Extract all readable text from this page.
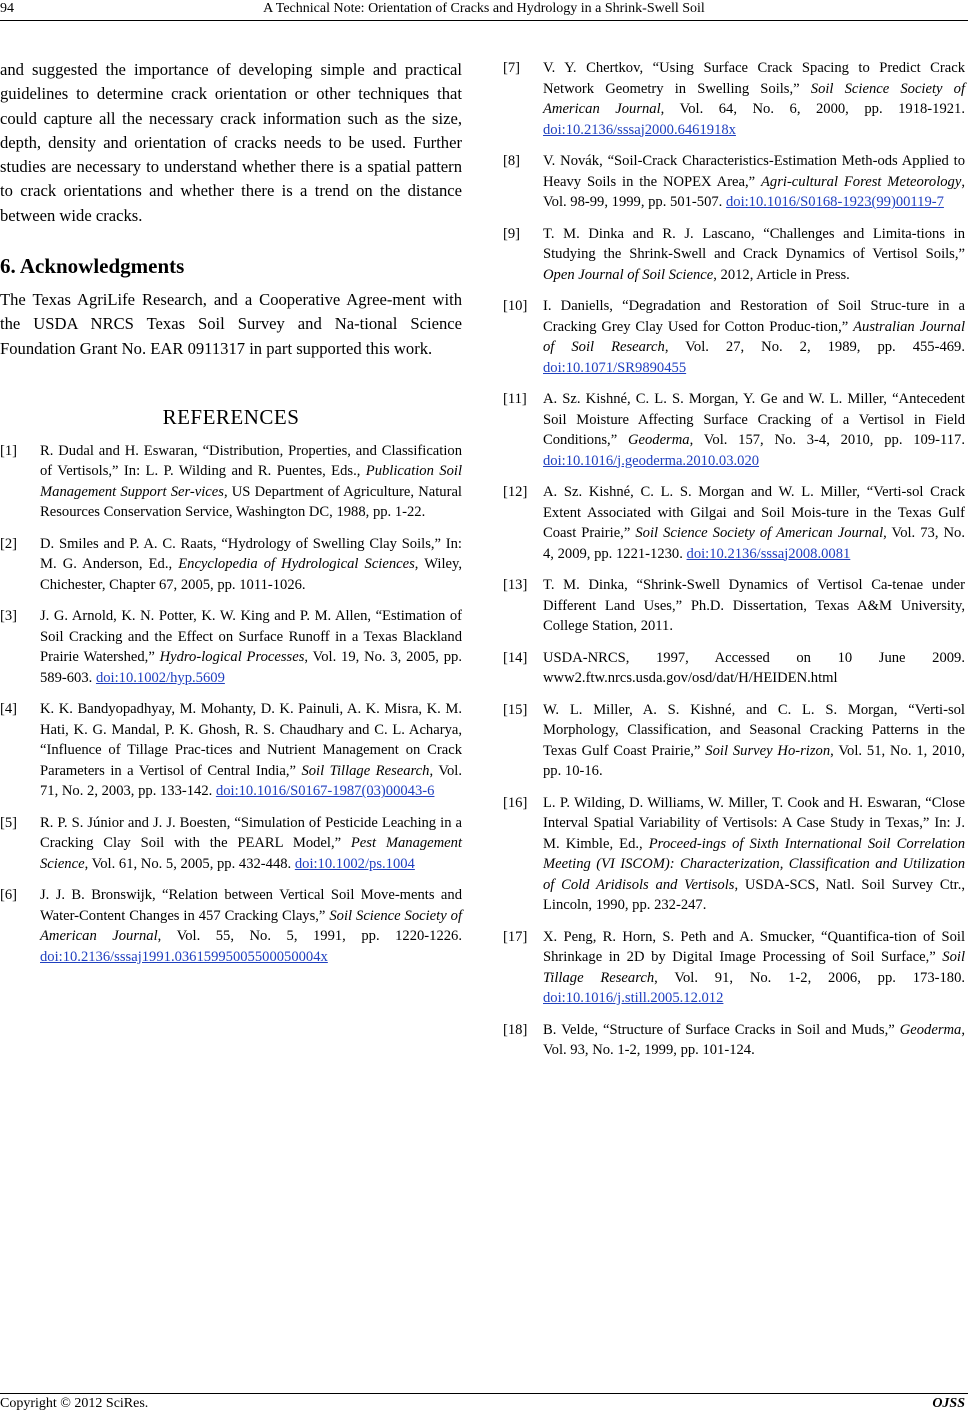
94	A Technical Note: Orientation of Cracks and Hydrology in a Shrink-Swell Soil

and suggested the importance of developing simple and practical guidelines to determine crack orientation or other techniques that could capture all the necessary crack information such as the size, depth, density and orientation of cracks needs to be used. Further studies are necessary to understand whether there is a spatial pattern to crack orientations and whether there is a trend on the distance between wide cracks.

6. Acknowledgments

The Texas AgriLife Research, and a Cooperative Agree-ment with the USDA NRCS Texas Soil Survey and Na-tional Science Foundation Grant No. EAR 0911317 in part supported this work.

REFERENCES
[1] R. Dudal and H. Eswaran, “Distribution, Properties, and Classification of Vertisols,” In: L. P. Wilding and R. Puentes, Eds., Publication Soil Management Support Ser-vices, US Department of Agriculture, Natural Resources Conservation Service, Washington DC, 1988, pp. 1-22.
[2] D. Smiles and P. A. C. Raats, “Hydrology of Swelling Clay Soils,” In: M. G. Anderson, Ed., Encyclopedia of Hydrological Sciences, Wiley, Chichester, Chapter 67, 2005, pp. 1011-1026.
[3] J. G. Arnold, K. N. Potter, K. W. King and P. M. Allen, “Estimation of Soil Cracking and the Effect on Surface Runoff in a Texas Blackland Prairie Watershed,” Hydro-logical Processes, Vol. 19, No. 3, 2005, pp. 589-603. doi:10.1002/hyp.5609
[4] K. K. Bandyopadhyay, M. Mohanty, D. K. Painuli, A. K. Misra, K. M. Hati, K. G. Mandal, P. K. Ghosh, R. S. Chaudhary and C. L. Acharya, “Influence of Tillage Prac-tices and Nutrient Management on Crack Parameters in a Vertisol of Central India,” Soil Tillage Research, Vol. 71, No. 2, 2003, pp. 133-142. doi:10.1016/S0167-1987(03)00043-6
[5] R. P. S. Júnior and J. J. Boesten, “Simulation of Pesticide Leaching in a Cracking Clay Soil with the PEARL Model,” Pest Management Science, Vol. 61, No. 5, 2005, pp. 432-448. doi:10.1002/ps.1004
[6] J. J. B. Bronswijk, “Relation between Vertical Soil Move-ments and Water-Content Changes in 457 Cracking Clays,” Soil Science Society of American Journal, Vol. 55, No. 5, 1991, pp. 1220-1226. doi:10.2136/sssaj1991.03615995005500050004x
[7] V. Y. Chertkov, “Using Surface Crack Spacing to Predict Crack Network Geometry in Swelling Soils,” Soil Science Society of American Journal, Vol. 64, No. 6, 2000, pp. 1918-1921. doi:10.2136/sssaj2000.6461918x
[8] V. Novák, “Soil-Crack Characteristics-Estimation Meth-ods Applied to Heavy Soils in the NOPEX Area,” Agri-cultural Forest Meteorology, Vol. 98-99, 1999, pp. 501-507. doi:10.1016/S0168-1923(99)00119-7
[9] T. M. Dinka and R. J. Lascano, “Challenges and Limita-tions in Studying the Shrink-Swell and Crack Dynamics of Vertisol Soils,” Open Journal of Soil Science, 2012, Article in Press.
[10] I. Daniells, “Degradation and Restoration of Soil Struc-ture in a Cracking Grey Clay Used for Cotton Produc-tion,” Australian Journal of Soil Research, Vol. 27, No. 2, 1989, pp. 455-469. doi:10.1071/SR9890455
[11] A. Sz. Kishné, C. L. S. Morgan, Y. Ge and W. L. Miller, “Antecedent Soil Moisture Affecting Surface Cracking of a Vertisol in Field Conditions,” Geoderma, Vol. 157, No. 3-4, 2010, pp. 109-117. doi:10.1016/j.geoderma.2010.03.020
[12] A. Sz. Kishné, C. L. S. Morgan and W. L. Miller, “Verti-sol Crack Extent Associated with Gilgai and Soil Mois-ture in the Texas Gulf Coast Prairie,” Soil Science Society of American Journal, Vol. 73, No. 4, 2009, pp. 1221-1230. doi:10.2136/sssaj2008.0081
[13] T. M. Dinka, “Shrink-Swell Dynamics of Vertisol Ca-tenae under Different Land Uses,” Ph.D. Dissertation, Texas A&M University, College Station, 2011.
[14] USDA-NRCS, 1997, Accessed on 10 June 2009. www2.ftw.nrcs.usda.gov/osd/dat/H/HEIDEN.html
[15] W. L. Miller, A. S. Kishné, and C. L. S. Morgan, “Verti-sol Morphology, Classification, and Seasonal Cracking Patterns in the Texas Gulf Coast Prairie,” Soil Survey Ho-rizon, Vol. 51, No. 1, 2010, pp. 10-16.
[16] L. P. Wilding, D. Williams, W. Miller, T. Cook and H. Eswaran, “Close Interval Spatial Variability of Vertisols: A Case Study in Texas,” In: J. M. Kimble, Ed., Proceed-ings of Sixth International Soil Correlation Meeting (VI ISCOM): Characterization, Classification and Utilization of Cold Aridisols and Vertisols, USDA-SCS, Natl. Soil Survey Ctr., Lincoln, 1990, pp. 232-247.
[17] X. Peng, R. Horn, S. Peth and A. Smucker, “Quantifica-tion of Soil Shrinkage in 2D by Digital Image Processing of Soil Surface,” Soil Tillage Research, Vol. 91, No. 1-2, 2006, pp. 173-180. doi:10.1016/j.still.2005.12.012
[18] B. Velde, “Structure of Surface Cracks in Soil and Muds,” Geoderma, Vol. 93, No. 1-2, 1999, pp. 101-124.
Copyright © 2012 SciRes.	OJSS
